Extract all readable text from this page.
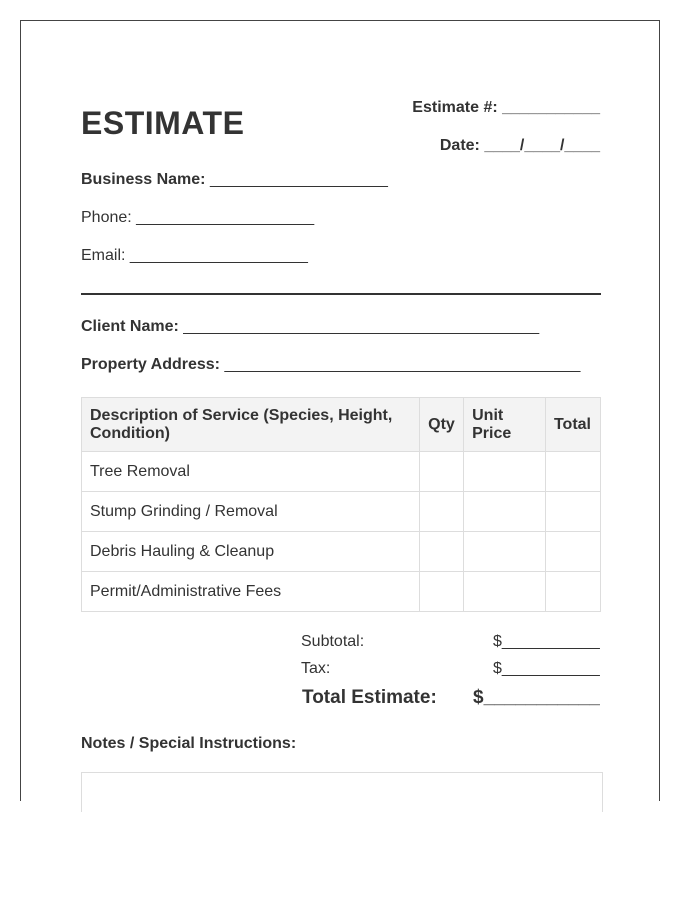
ESTIMATE	Estimate #: ___________
Date: ____/____/____
Business Name: ____________________
Phone: ____________________
Email: ____________________
Client Name: ________________________________________
Property Address: ________________________________________
Description of Service (Species, Height, Condition)	Qty	Unit Price	Total
Tree Removal			
Stump Grinding / Removal			
Debris Hauling & Cleanup			
Permit/Administrative Fees			
Subtotal:	$___________
Tax:	$___________
Total Estimate: $___________
Notes / Special Instructions:
